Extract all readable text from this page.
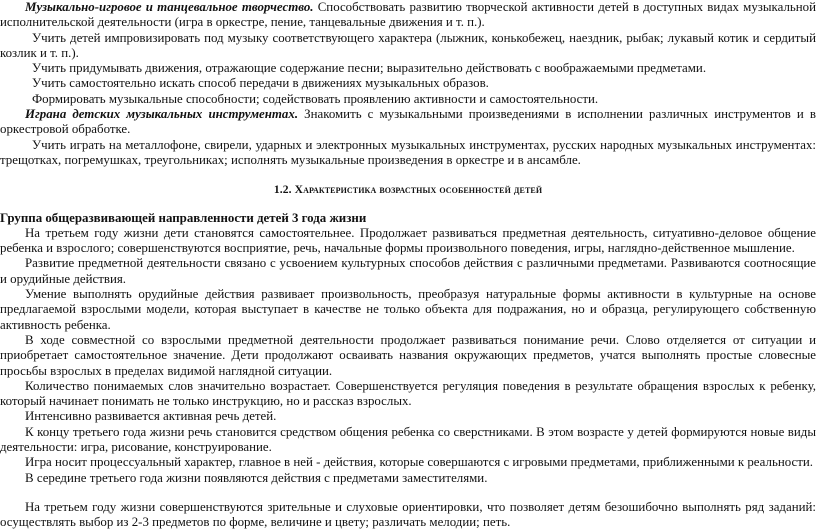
Музыкально-игровое и танцевальное творчество. Способствовать развитию творческой активности детей в доступных видах музыкальной исполнительской деятельности (игра в оркестре, пение, танцевальные движения и т. п.).

Учить детей импровизировать под музыку соответствующего характера (лыжник, конькобежец, наездник, рыбак; лукавый котик и сердитый козлик и т. п.).

Учить придумывать движения, отражающие содержание песни; выразительно действовать с воображаемыми предметами.

Учить самостоятельно искать способ передачи в движениях музыкальных образов.

Формировать музыкальные способности; содействовать проявлению активности и самостоятельности.

Играна детских музыкальных инструментах. Знакомить с музыкальными произведениями в исполнении различных инструментов и в оркестровой обработке.

Учить играть на металлофоне, свирели, ударных и электронных музыкальных инструментах, русских народных музыкальных инструментах: трещотках, погремушках, треугольниках; исполнять музыкальные произведения в оркестре и в ансамбле.

1.2. Характеристика возрастных особенностей детей

Группа общеразвивающей направленности детей 3 года жизни

На третьем году жизни дети становятся самостоятельнее. Продолжает развиваться предметная деятельность, ситуативно-деловое общение ребенка и взрослого; совершенствуются восприятие, речь, начальные формы произвольного поведения, игры, наглядно-действенное мышление.

Развитие предметной деятельности связано с усвоением культурных способов действия с различными предметами. Развиваются соотносящие и орудийные действия.

Умение выполнять орудийные действия развивает произвольность, преобразуя натуральные формы активности в культурные на основе предлагаемой взрослыми модели, которая выступает в качестве не только объекта для подражания, но и образца, регулирующего собственную активность ребенка.

В ходе совместной со взрослыми предметной деятельности продолжает развиваться понимание речи. Слово отделяется от ситуации и приобретает самостоятельное значение. Дети продолжают осваивать названия окружающих предметов, учатся выполнять простые словесные просьбы взрослых в пределах видимой наглядной ситуации.

Количество понимаемых слов значительно возрастает. Совершенствуется регуляция поведения в результате обращения взрослых к ребенку, который начинает понимать не только инструкцию, но и рассказ взрослых.

Интенсивно развивается активная речь детей.

К концу третьего года жизни речь становится средством общения ребенка со сверстниками. В этом возрасте у детей формируются новые виды деятельности: игра, рисование, конструирование.

Игра носит процессуальный характер, главное в ней - действия, которые совершаются с игровыми предметами, приближенными к реальности.

В середине третьего года жизни появляются действия с предметами заместителями.

На третьем году жизни совершенствуются зрительные и слуховые ориентировки, что позволяет детям безошибочно выполнять ряд заданий: осуществлять выбор из 2-3 предметов по форме, величине и цвету; различать мелодии; петь.
